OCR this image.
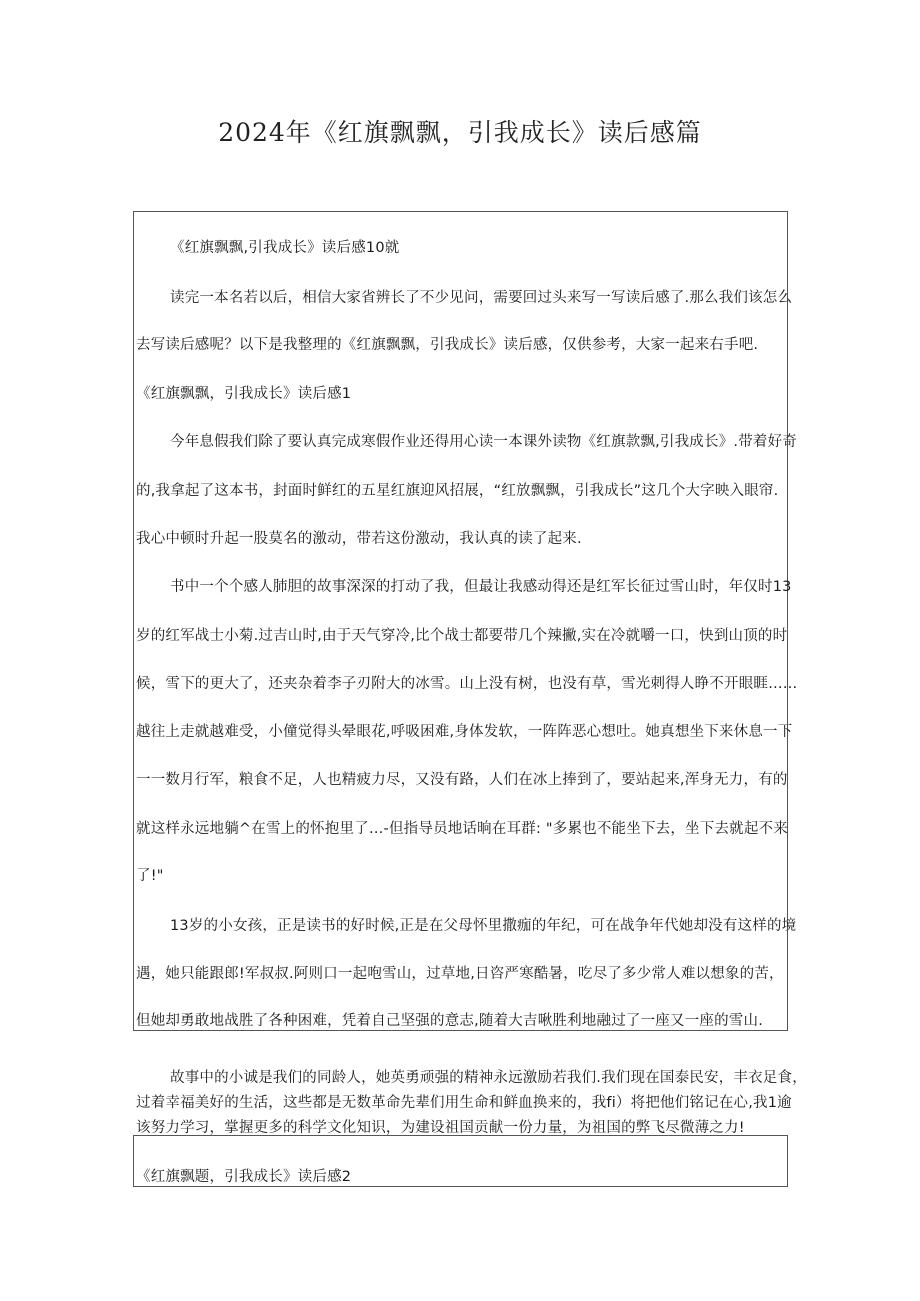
2024年《红旗飘飘，引我成长》读后感篇
《红旗飘飘,引我成长》读后感10就
读完一本名若以后，相信大家省辨长了不少见问，需要回过头来写一写读后感了.那么我们该怎么
去写读后感呢？以下是我整理的《红旗飘飘，引我成长》读后感，仅供参考，大家一起来右手吧.
《红旗飘飘，引我成长》读后感1
今年息假我们除了要认真完成寒假作业还得用心读一本课外读物《红旗款飘,引我成长》.带着好奇
的,我拿起了这本书，封面时鲜红的五星红旗迎风招展，“红放飘飘，引我成长”这几个大字映入眼帘.
我心中顿时升起一股莫名的激动，带若这份激动，我认真的读了起来.
书中一个个感人肺胆的故事深深的打动了我，但最让我感动得还是红军长征过雪山时，年仅时13
岁的红军战士小菊.过吉山时,由于天气穿冷,比个战士都要带几个辣撇,实在冷就嚼一口，快到山顶的时
候，雪下的更大了，还夹杂着李子刃附大的冰雪。山上没有树，也没有草，雪光刺得人睁不开眼睚……
越往上走就越难受，小僮觉得头晕眼花,呼吸困难,身体发软，一阵阵恶心想吐。她真想坐下来休息一下
一一数月行军，粮食不足，人也精疲力尽，又没有路，人们在冰上捧到了，要站起来,浑身无力，有的
就这样永远地躺^在雪上的怀抱里了…-但指导员地话晌在耳群: "多累也不能坐下去，坐下去就起不来
了!"
13岁的小女孩，正是读书的好时候,正是在父母怀里撒痂的年纪，可在战争年代她却没有这样的境
遇，她只能跟郎!军叔叔.阿则口一起咆雪山，过草地,日咨严寒酷暑，吃尽了多少常人难以想象的苦，
但她却勇敢地战胜了各种困难，凭着自己坚强的意志,随着大吉啾胜利地融过了一座又一座的雪山.
故事中的小诚是我们的同龄人，她英勇顽强的精神永远激励若我们.我们现在国泰民安，丰衣足食，
过着幸福美好的生活，这些都是无数革命先辈们用生命和鲜血换来的，我fi）将把他们铭记在心,我1逾
该努力学习，掌握更多的科学文化知识，为建设祖国贡献一份力量，为祖国的弊飞尽微薄之力!
《红旗飘题，引我成长》读后感2
